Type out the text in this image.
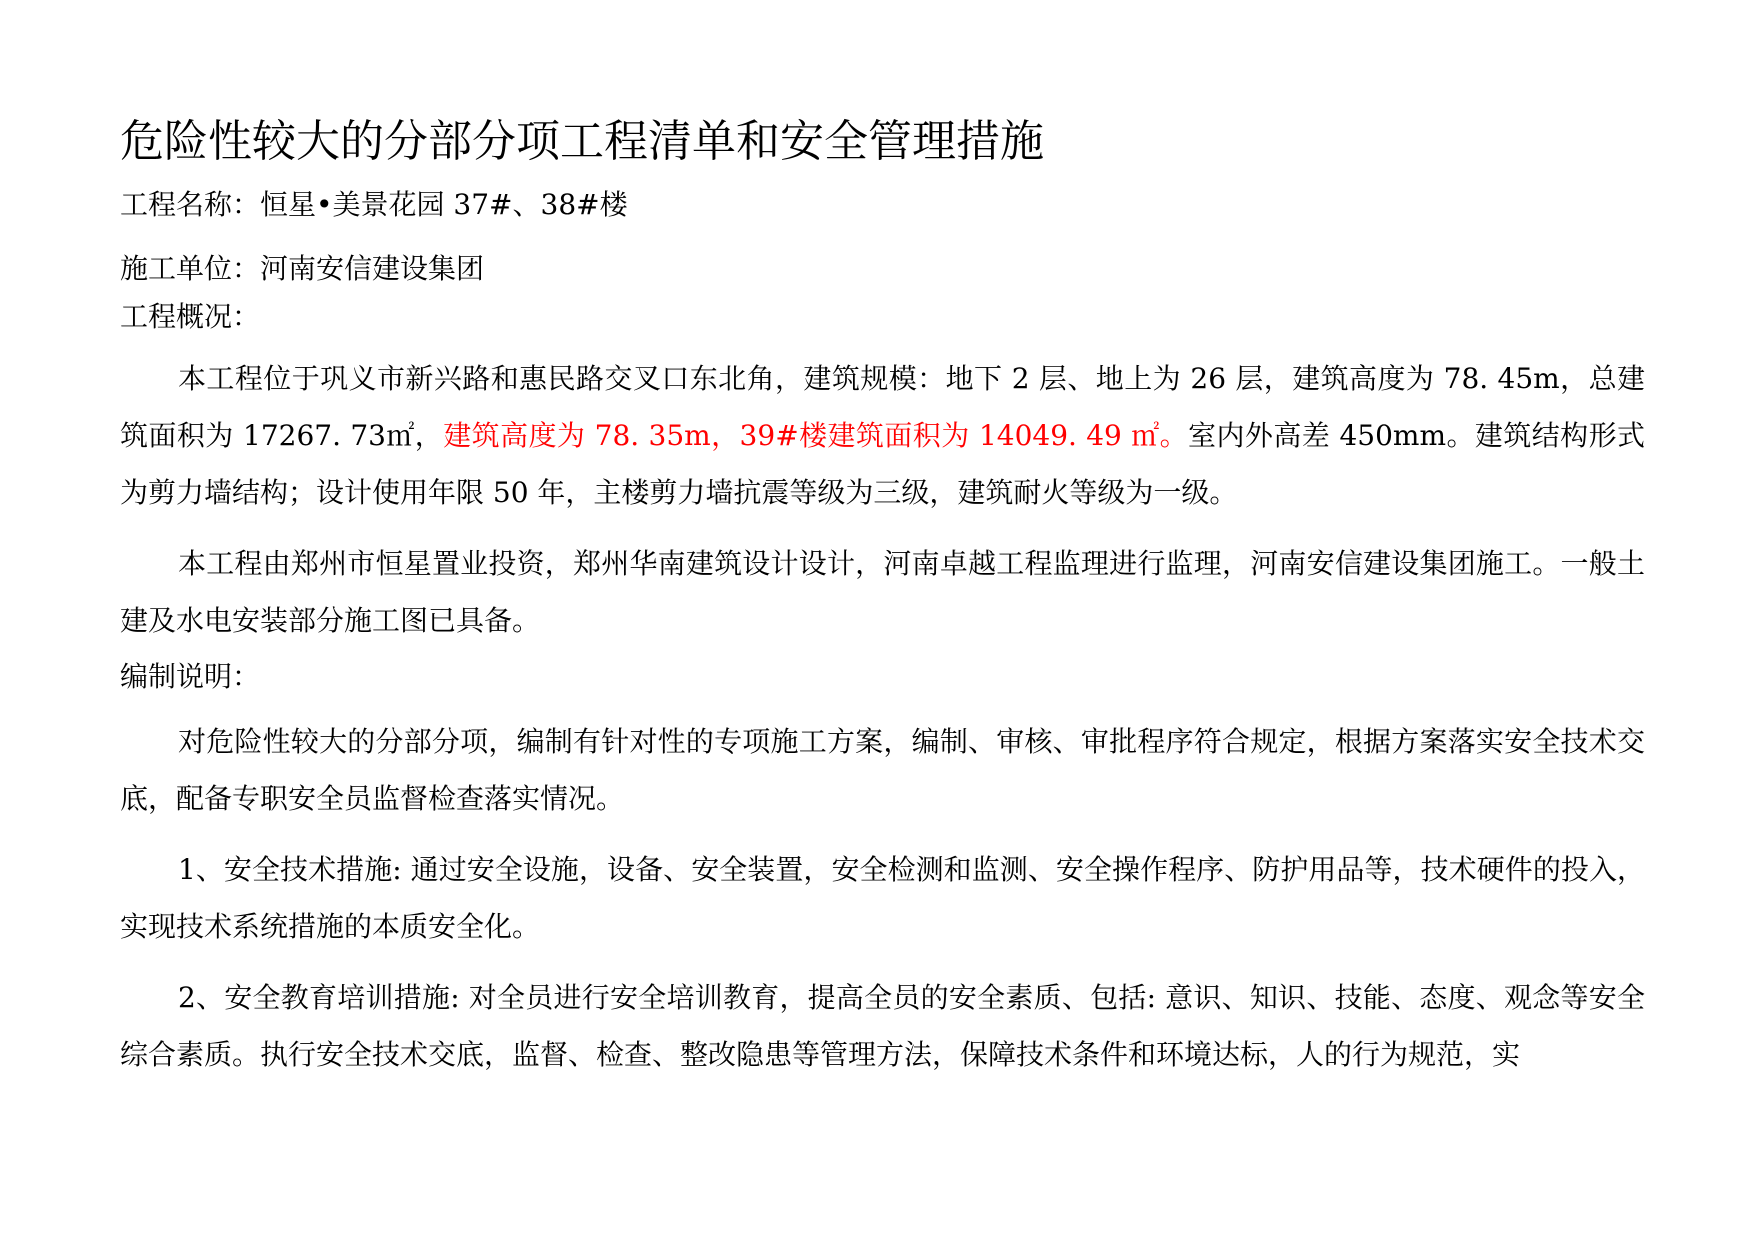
危险性较大的分部分项工程清单和安全管理措施

工程名称：恒星•美景花园 37#、38#楼

施工单位：河南安信建设集团

工程概况：

本工程位于巩义市新兴路和惠民路交叉口东北角，建筑规模：地下 2 层、地上为 26 层，建筑高度为 78. 45m，总建筑面积为 17267. 73㎡，建筑高度为 78. 35m，39#楼建筑面积为 14049. 49 ㎡。室内外高差 450mm。建筑结构形式为剪力墙结构；设计使用年限 50 年，主楼剪力墙抗震等级为三级，建筑耐火等级为一级。

本工程由郑州市恒星置业投资，郑州华南建筑设计设计，河南卓越工程监理进行监理，河南安信建设集团施工。一般土建及水电安装部分施工图已具备。

编制说明：

对危险性较大的分部分项，编制有针对性的专项施工方案，编制、审核、审批程序符合规定，根据方案落实安全技术交底，配备专职安全员监督检查落实情况。

1、安全技术措施: 通过安全设施，设备、安全装置，安全检测和监测、安全操作程序、防护用品等，技术硬件的投入，实现技术系统措施的本质安全化。

2、安全教育培训措施: 对全员进行安全培训教育，提高全员的安全素质、包括: 意识、知识、技能、态度、观念等安全综合素质。执行安全技术交底，监督、检查、整改隐患等管理方法，保障技术条件和环境达标，人的行为规范，实
